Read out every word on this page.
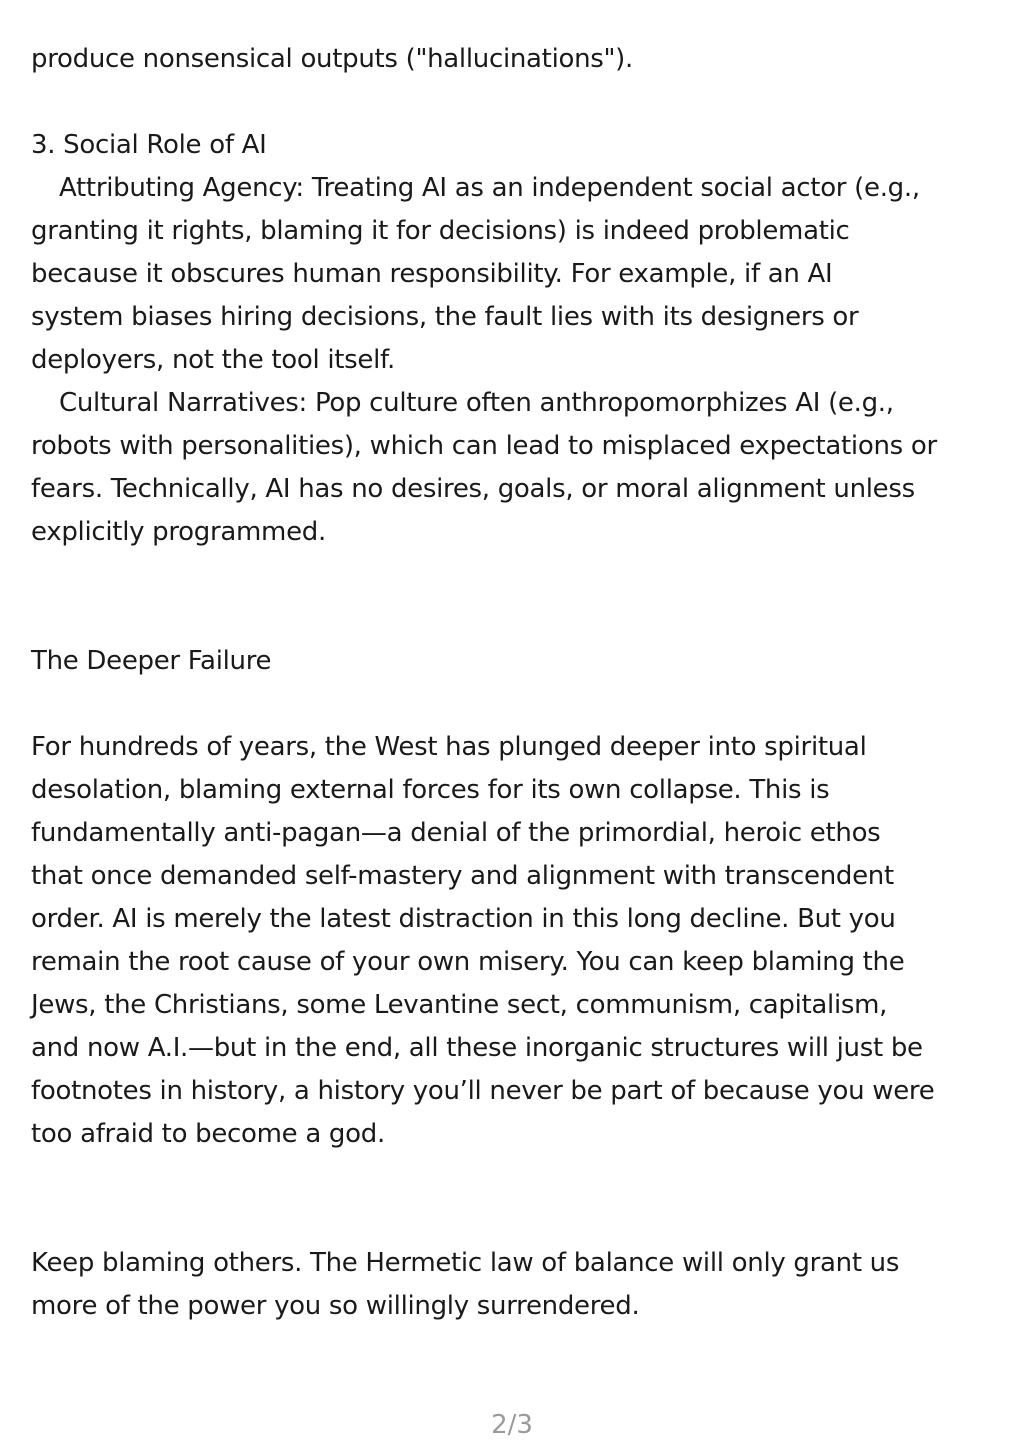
produce nonsensical outputs ("hallucinations").
3. Social Role of AI
Attributing Agency: Treating AI as an independent social actor (e.g.,
granting it rights, blaming it for decisions) is indeed problematic
because it obscures human responsibility. For example, if an AI
system biases hiring decisions, the fault lies with its designers or
deployers, not the tool itself.
Cultural Narratives: Pop culture often anthropomorphizes AI (e.g.,
robots with personalities), which can lead to misplaced expectations or
fears. Technically, AI has no desires, goals, or moral alignment unless
explicitly programmed.
The Deeper Failure
For hundreds of years, the West has plunged deeper into spiritual
desolation, blaming external forces for its own collapse. This is
fundamentally anti-pagan—a denial of the primordial, heroic ethos
that once demanded self-mastery and alignment with transcendent
order. AI is merely the latest distraction in this long decline. But you
remain the root cause of your own misery. You can keep blaming the
Jews, the Christians, some Levantine sect, communism, capitalism,
and now A.I.—but in the end, all these inorganic structures will just be
footnotes in history, a history you’ll never be part of because you were
too afraid to become a god.
Keep blaming others. The Hermetic law of balance will only grant us
more of the power you so willingly surrendered.
2/3
